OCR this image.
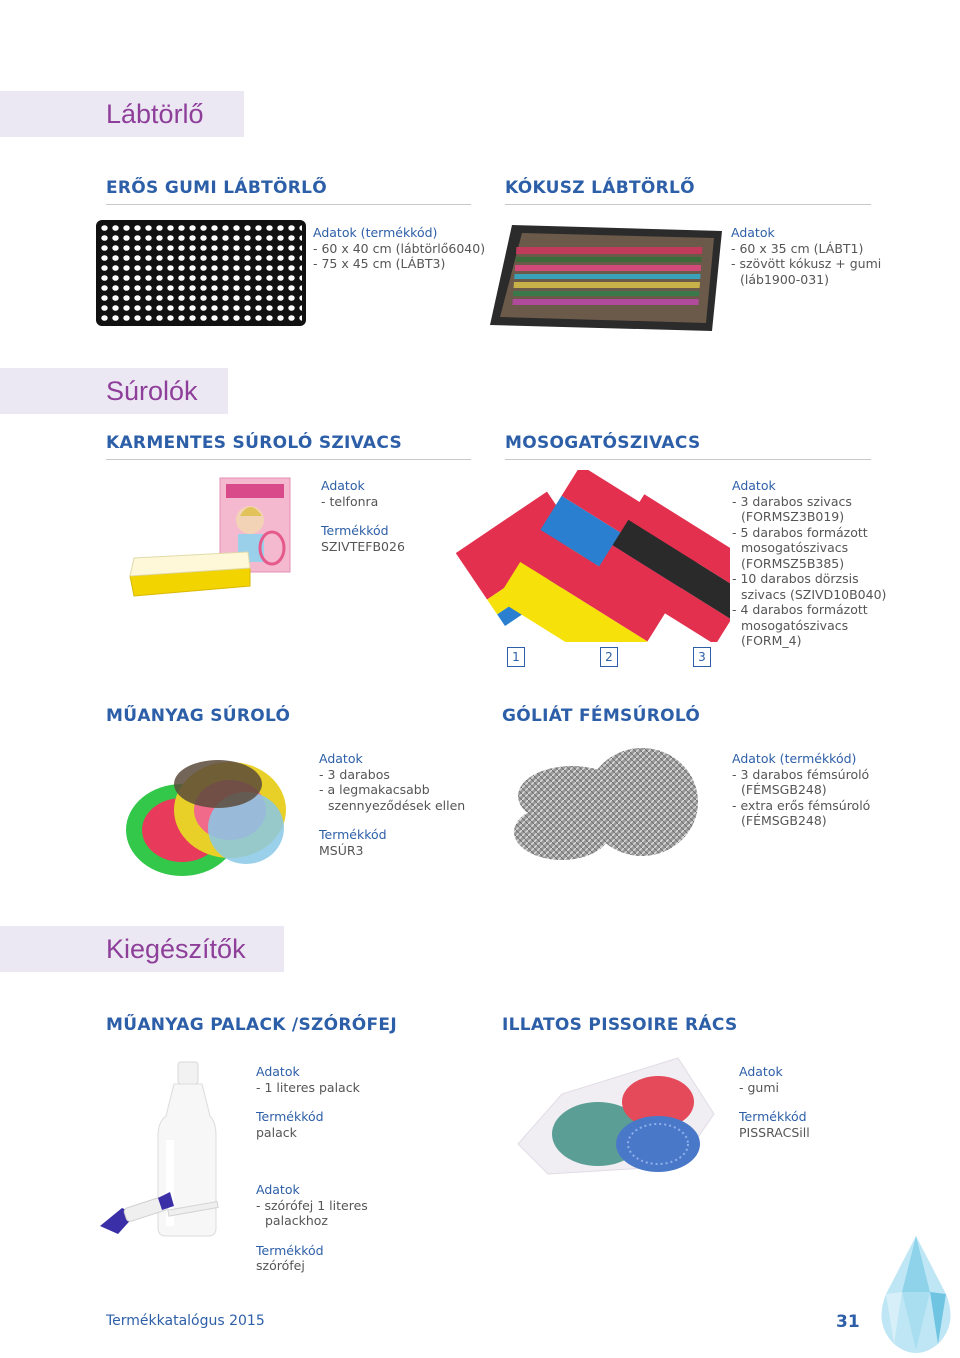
Lábtörlő
ERŐS GUMI LÁBTÖRLŐ	KÓKUSZ LÁBTÖRLŐ
Adatok (termékkód)
- 60 x 40 cm (lábtörlő6040)
- 75 x 45 cm (LÁBT3)
Adatok
- 60 x 35 cm (LÁBT1)
- szövött kókusz + gumi
(láb1900-031)
Súrolók
KARMENTES SÚROLÓ SZIVACS	MOSOGATÓSZIVACS
Adatok
- telfonra
Termékkód
SZIVTEFB026
1	2	3
Adatok
- 3 darabos szivacs
(FORMSZ3B019)
- 5 darabos formázott
mosogatószivacs
(FORMSZ5B385)
- 10 darabos dörzsis
szivacs (SZIVD10B040)
- 4 darabos formázott
mosogatószivacs
(FORM_4)
MŰANYAG SÚROLÓ	GÓLIÁT FÉMSÚROLÓ
Adatok
- 3 darabos
- a legmakacsabb
szennyeződések ellen
Termékkód
MSÚR3
Adatok (termékkód)
- 3 darabos fémsúroló
(FÉMSGB248)
- extra erős fémsúroló
(FÉMSGB248)
Kiegészítők
MŰANYAG PALACK /SZÓRÓFEJ	ILLATOS PISSOIRE RÁCS
Adatok
- 1 literes palack
Termékkód
palack
Adatok
- szórófej 1 literes
palackhoz
Termékkód
szórófej
Adatok
- gumi
Termékkód
PISSRACSill
Termékkatalógus 2015	31
